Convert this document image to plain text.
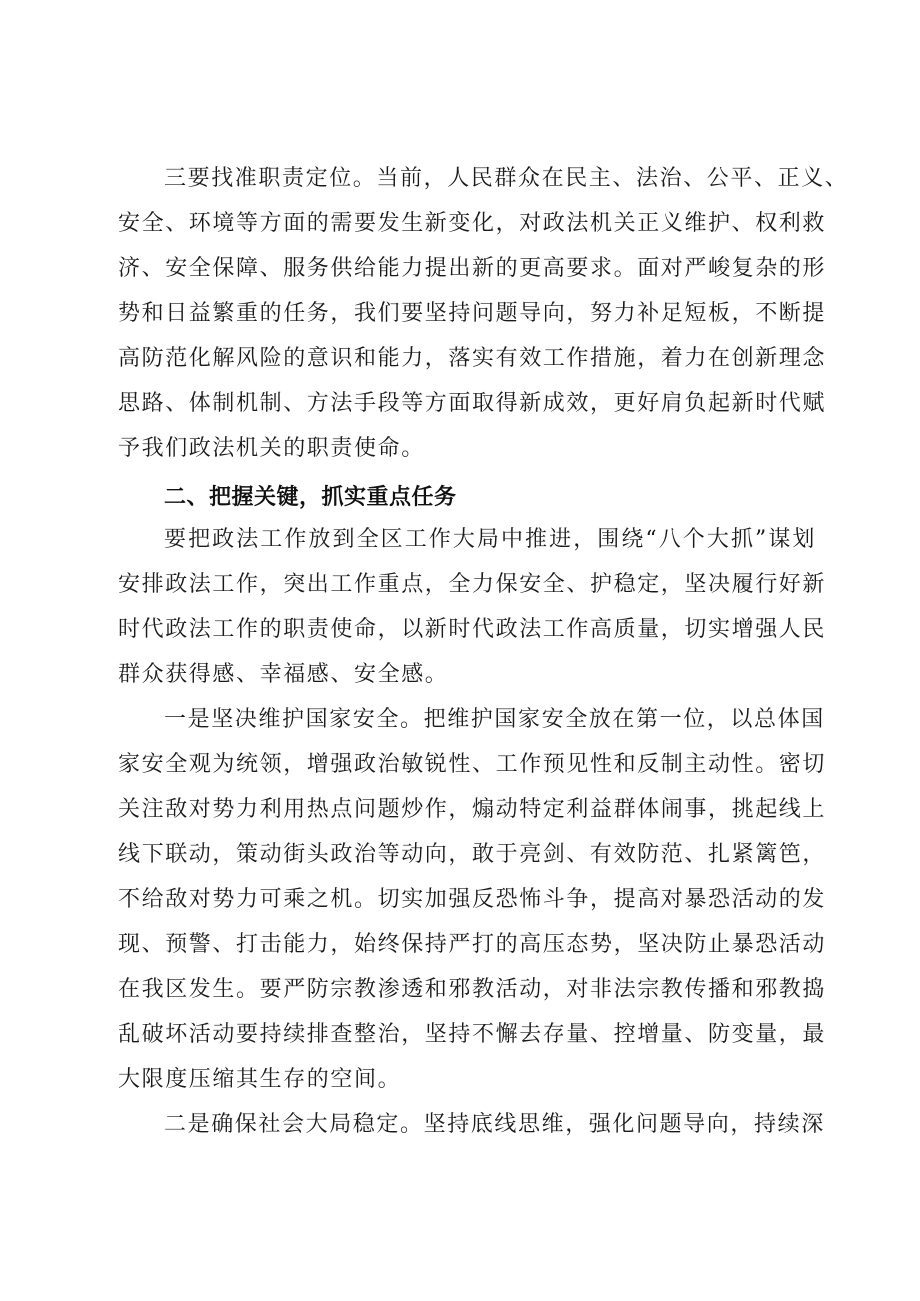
三要找准职责定位。当前，人民群众在民主、法治、公平、正义、
安全、环境等方面的需要发生新变化，对政法机关正义维护、权利救
济、安全保障、服务供给能力提出新的更高要求。面对严峻复杂的形
势和日益繁重的任务，我们要坚持问题导向，努力补足短板，不断提
高防范化解风险的意识和能力，落实有效工作措施，着力在创新理念
思路、体制机制、方法手段等方面取得新成效，更好肩负起新时代赋
予我们政法机关的职责使命。

二、把握关键，抓实重点任务

要把政法工作放到全区工作大局中推进，围绕“八个大抓”谋划
安排政法工作，突出工作重点，全力保安全、护稳定，坚决履行好新
时代政法工作的职责使命，以新时代政法工作高质量，切实增强人民
群众获得感、幸福感、安全感。

一是坚决维护国家安全。把维护国家安全放在第一位，以总体国
家安全观为统领，增强政治敏锐性、工作预见性和反制主动性。密切
关注敌对势力利用热点问题炒作，煽动特定利益群体闹事，挑起线上
线下联动，策动街头政治等动向，敢于亮剑、有效防范、扎紧篱笆，
不给敌对势力可乘之机。切实加强反恐怖斗争，提高对暴恐活动的发
现、预警、打击能力，始终保持严打的高压态势，坚决防止暴恐活动
在我区发生。要严防宗教渗透和邪教活动，对非法宗教传播和邪教捣
乱破坏活动要持续排查整治，坚持不懈去存量、控增量、防变量，最
大限度压缩其生存的空间。

二是确保社会大局稳定。坚持底线思维，强化问题导向，持续深
